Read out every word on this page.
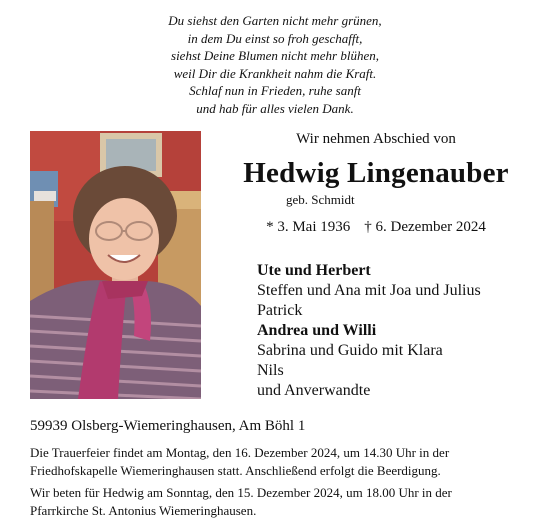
Du siehst den Garten nicht mehr grünen,
in dem Du einst so froh geschafft,
siehst Deine Blumen nicht mehr blühen,
weil Dir die Krankheit nahm die Kraft.
Schlaf nun in Frieden, ruhe sanft
und hab für alles vielen Dank.
Wir nehmen Abschied von
Hedwig Lingenauber
geb. Schmidt
* 3. Mai 1936 † 6. Dezember 2024
Ute und Herbert
Steffen und Ana mit Joa und Julius
Patrick
Andrea und Willi
Sabrina und Guido mit Klara
Nils
und Anverwandte
59939 Olsberg-Wiemeringhausen, Am Böhl 1
Die Trauerfeier findet am Montag, den 16. Dezember 2024, um 14.30 Uhr in der
Friedhofskapelle Wiemeringhausen statt. Anschließend erfolgt die Beerdigung.
Wir beten für Hedwig am Sonntag, den 15. Dezember 2024, um 18.00 Uhr in der
Pfarrkirche St. Antonius Wiemeringhausen.
